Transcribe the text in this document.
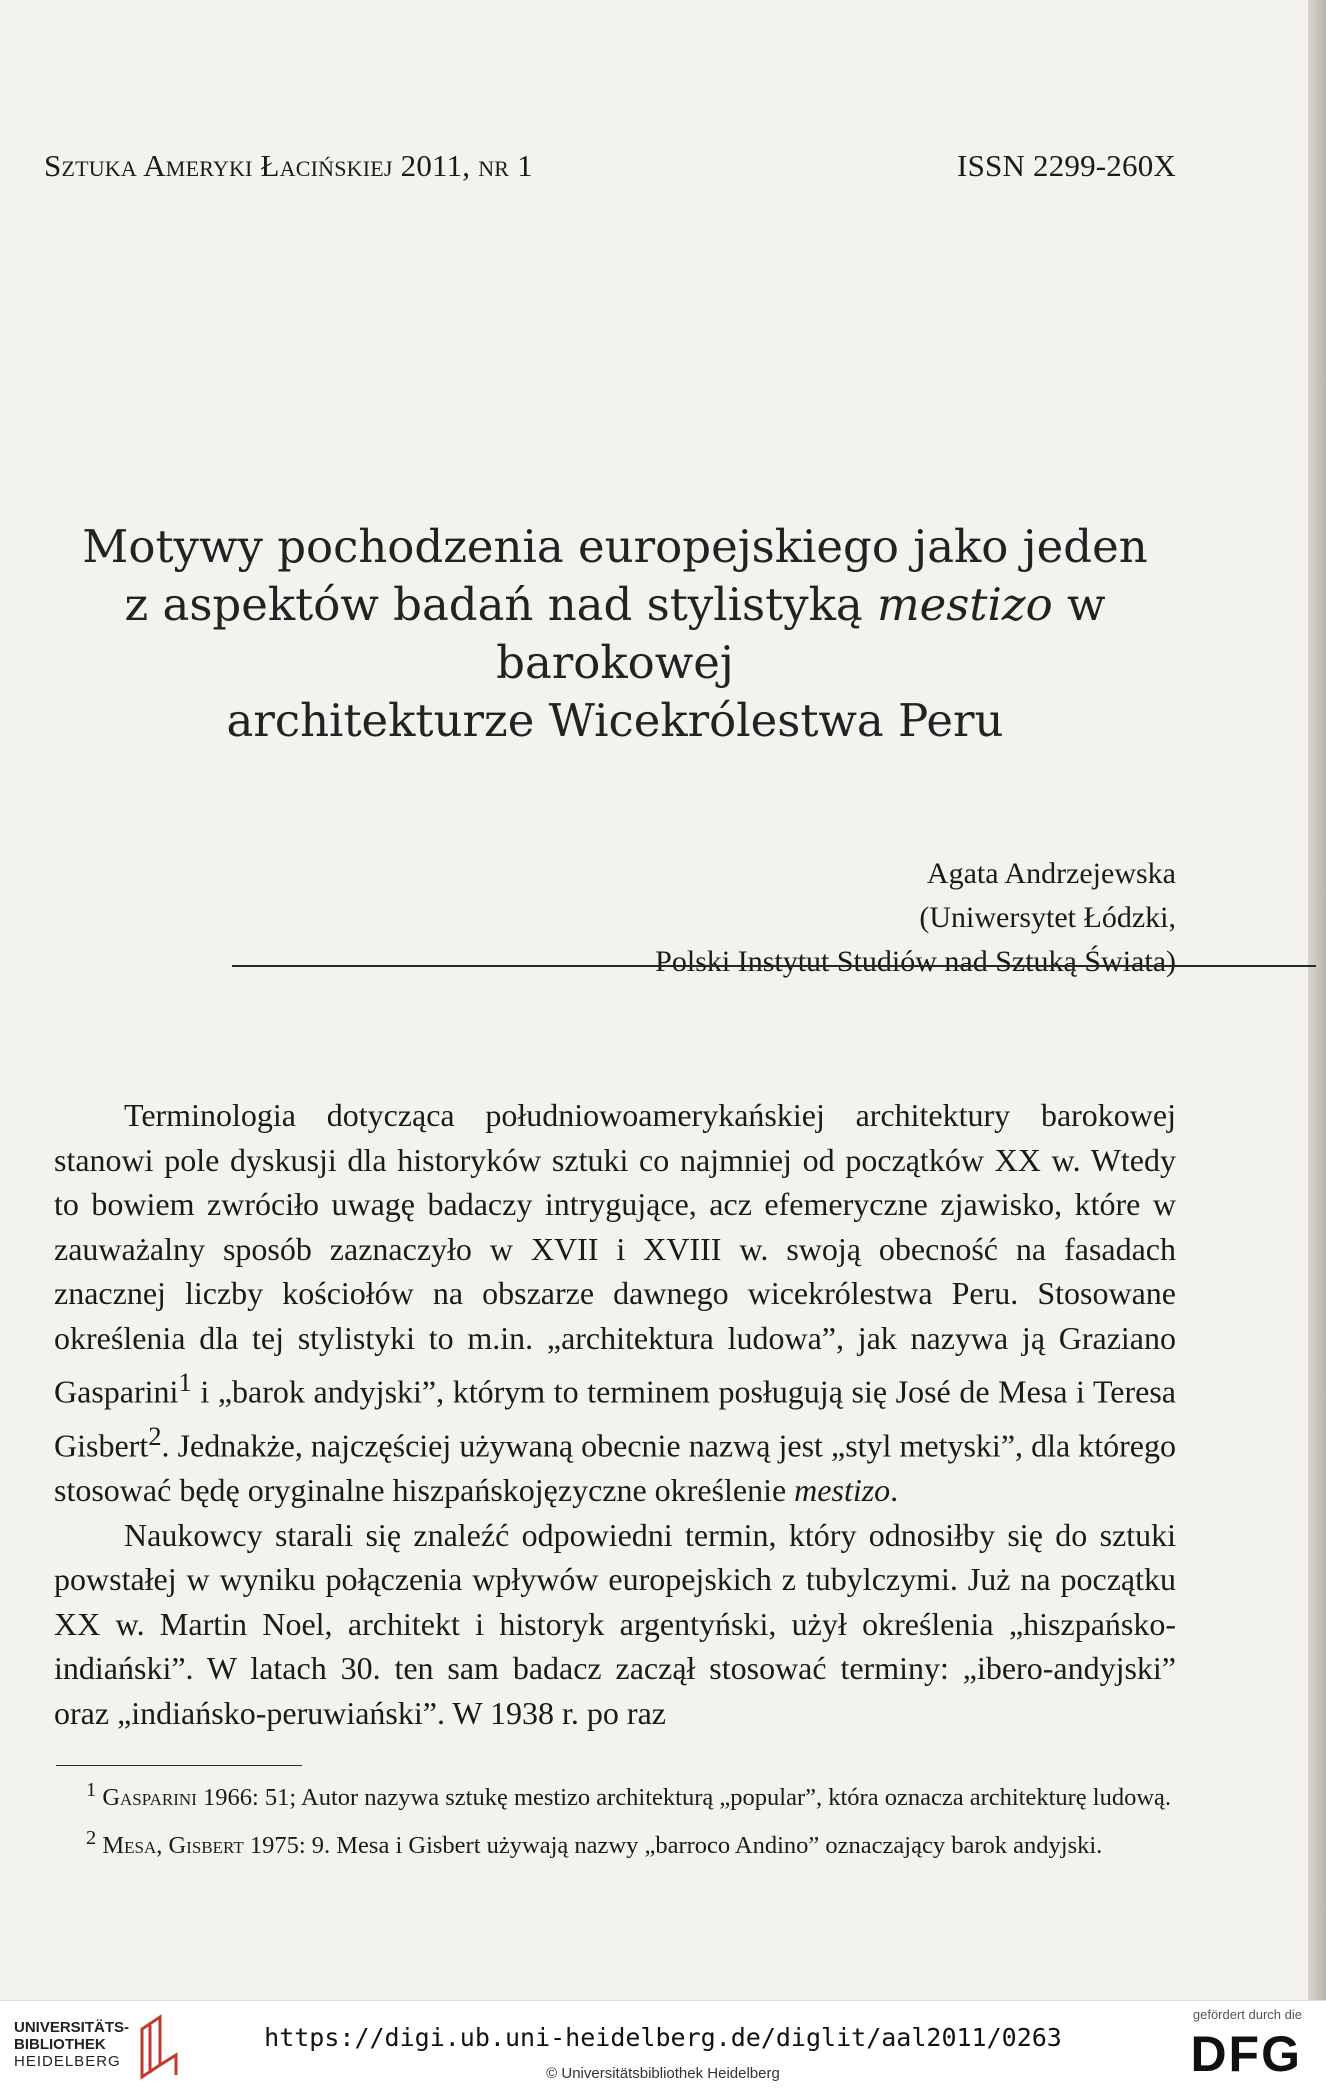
Sztuka Ameryki Łacińskiej 2011, nr 1	ISSN 2299-260X
Motywy pochodzenia europejskiego jako jeden
z aspektów badań nad stylistyką mestizo w barokowej
architekturze Wicekrólestwa Peru
Agata Andrzejewska
(Uniwersytet Łódzki,
Polski Instytut Studiów nad Sztuką Świata)

Terminologia dotycząca południowoamerykańskiej architektury barokowej stanowi pole dyskusji dla historyków sztuki co najmniej od początków XX w. Wtedy to bowiem zwróciło uwagę badaczy intrygujące, acz efemeryczne zjawisko, które w zauważalny sposób zaznaczyło w XVII i XVIII w. swoją obecność na fasadach znacznej liczby kościołów na obszarze dawnego wicekrólestwa Peru. Stosowane określenia dla tej stylistyki to m.in. „architektura ludowa”, jak nazywa ją Graziano Gasparini$^1$ i „barok andyjski”, którym to terminem posługują się José de Mesa i Teresa Gisbert$^2$. Jednakże, najczęściej używaną obecnie nazwą jest „styl metyski”, dla którego stosować będę oryginalne hiszpańskojęzyczne określenie mestizo.

Naukowcy starali się znaleźć odpowiedni termin, który odnosiłby się do sztuki powstałej w wyniku połączenia wpływów europejskich z tubylczymi. Już na początku XX w. Martin Noel, architekt i historyk argentyński, użył określenia „hiszpańsko-indiański”. W latach 30. ten sam badacz zaczął stosować terminy: „ibero-andyjski” oraz „indiańsko-peruwiański”. W 1938 r. po raz

$^1$ Gasparini 1966: 51; Autor nazywa sztukę mestizo architekturą „popular”, która oznacza architekturę ludową.

$^2$ Mesa, Gisbert 1975: 9. Mesa i Gisbert używają nazwy „barroco Andino” oznaczający barok andyjski.

UNIVERSITÄTS-
BIBLIOTHEK
HEIDELBERG
https://digi.ub.uni-heidelberg.de/diglit/aal2011/0263
© Universitätsbibliothek Heidelberg
gefördert durch die
DFG
